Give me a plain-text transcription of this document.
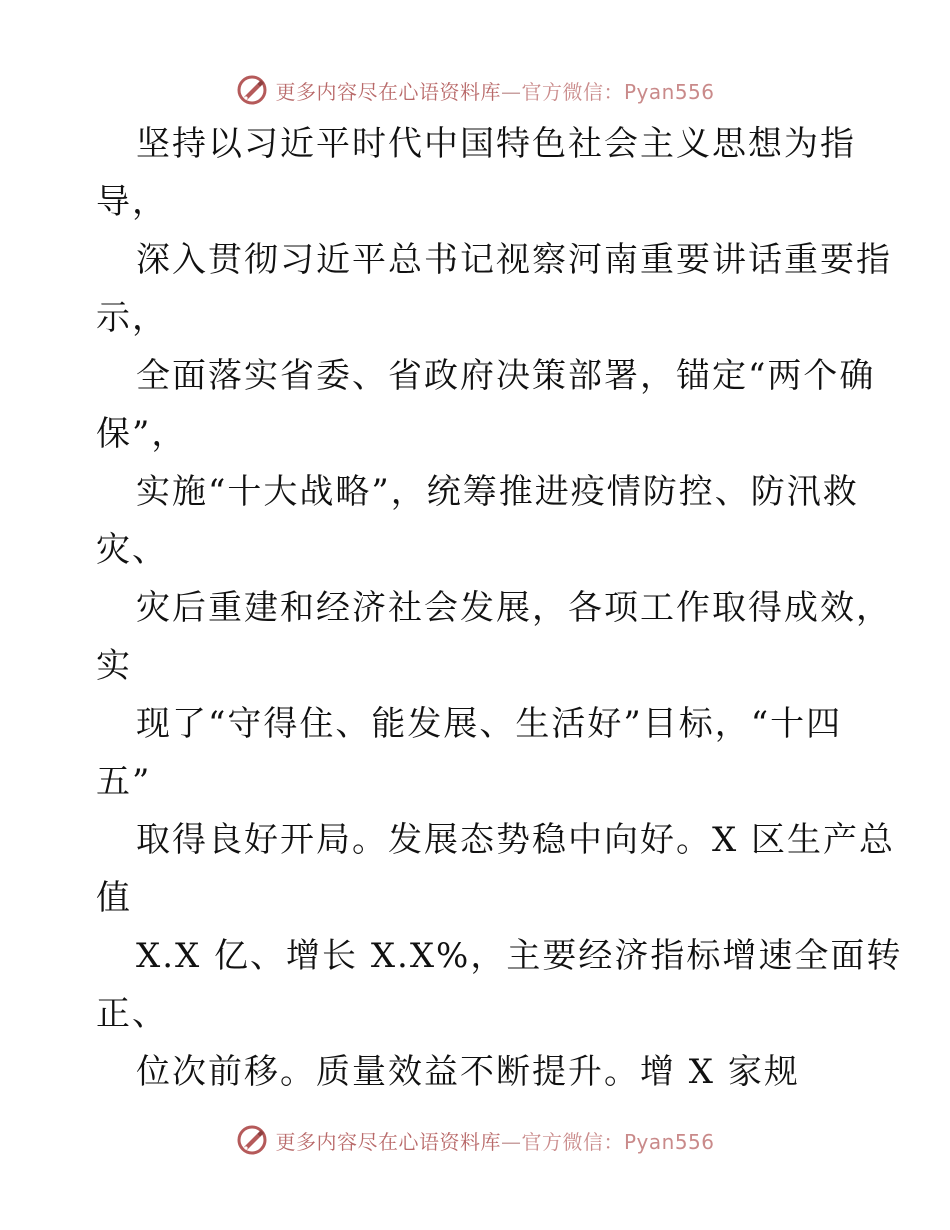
更多内容尽在心语资料库—官方微信：Pyan556
坚持以习近平时代中国特色社会主义思想为指
导，
深入贯彻习近平总书记视察河南重要讲话重要指
示，
全面落实省委、省政府决策部署，锚定“两个确
保”，
实施“十大战略”，统筹推进疫情防控、防汛救
灾、
灾后重建和经济社会发展，各项工作取得成效，
实
现了“守得住、能发展、生活好”目标，“十四
五”
取得良好开局。发展态势稳中向好。X 区生产总
值
X.X 亿、增长 X.X%，主要经济指标增速全面转
正、
位次前移。质量效益不断提升。增 X 家规
更多内容尽在心语资料库—官方微信：Pyan556
